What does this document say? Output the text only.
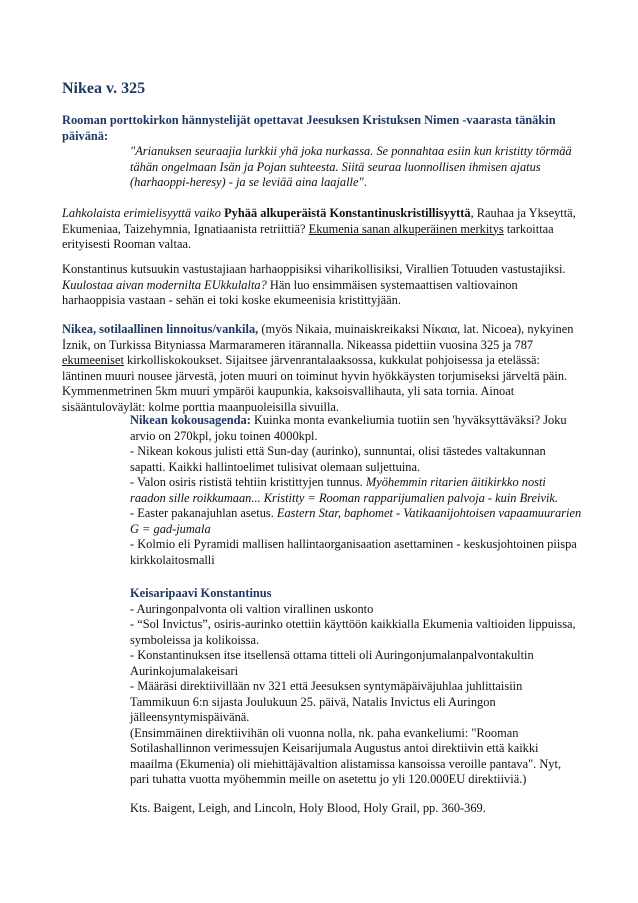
Nikea v. 325

Rooman porttokirkon hännystelijät opettavat Jeesuksen Kristuksen Nimen -vaarasta tänäkin päivänä:

"Arianuksen seuraajia lurkkii yhä joka nurkassa. Se ponnahtaa esiin kun kristitty törmää tähän ongelmaan Isän ja Pojan suhteesta. Siitä seuraa luonnollisen ihmisen ajatus (harhaoppi-heresy) - ja se leviää aina laajalle".

Lahkolaista erimielisyyttä vaiko Pyhää alkuperäistä Konstantinuskristillisyyttä, Rauhaa ja Ykseyttä, Ekumeniaa, Taizehymnia, Ignatiaanista retriittiä? Ekumenia sanan alkuperäinen merkitys tarkoittaa erityisesti Rooman valtaa.

Konstantinus kutsuukin vastustajiaan harhaoppisiksi viharikollisiksi, Virallien Totuuden vastustajiksi. Kuulostaa aivan modernilta EUkkulalta? Hän luo ensimmäisen systemaattisen valtiovainon harhaoppisia vastaan - sehän ei toki koske ekumeenisia kristittyjään.

Nikea, sotilaallinen linnoitus/vankila, (myös Nikaia, muinaiskreikaksi Νίκαια, lat. Nicoea), nykyinen İznik, on Turkissa Bityniassa Marmarameren itärannalla. Nikeassa pidettiin vuosina 325 ja 787 ekumeeniset kirkolliskokoukset. Sijaitsee järvenrantalaaksossa, kukkulat pohjoisessa ja etelässä: läntinen muuri nousee järvestä, joten muuri on toiminut hyvin hyökkäysten torjumiseksi järveltä päin. Kymmenmetrinen 5km muuri ympäröi kaupunkia, kaksoisvallihauta, yli sata tornia. Ainoat sisääntuloväylät: kolme porttia maanpuoleisilla sivuilla.

Nikean kokousagenda: Kuinka monta evankeliumia tuotiin sen 'hyväksyttäväksi? Joku arvio on 270kpl, joku toinen 4000kpl.

- Nikean kokous julisti että Sun-day (aurinko), sunnuntai, olisi tästedes valtakunnan sapatti. Kaikki hallintoelimet tulisivat olemaan suljettuina.

- Valon osiris rististä tehtiin kristittyjen tunnus. Myöhemmin ritarien äitikirkko nosti raadon sille roikkumaan... Kristitty = Rooman rapparijumalien palvoja - kuin Breivik.

- Easter pakanajuhlan asetus. Eastern Star, baphomet - Vatikaanijohtoisen vapaamuurarien G = gad-jumala

- Kolmio eli Pyramidi mallisen hallintaorganisaation asettaminen - keskusjohtoinen piispa kirkkolaitosmalli

Keisaripaavi Konstantinus

- Auringonpalvonta oli valtion virallinen uskonto

- “Sol Invictus”, osiris-aurinko otettiin käyttöön kaikkialla Ekumenia valtioiden lippuissa, symboleissa ja kolikoissa.

- Konstantinuksen itse itsellensä ottama titteli oli Auringonjumalanpalvontakultin Aurinkojumalakeisari

- Määräsi direktiivillään nv 321 että Jeesuksen syntymäpäiväjuhlaa juhlittaisiin Tammikuun 6:n sijasta Joulukuun 25. päivä, Natalis Invictus eli Auringon jälleensyntymispäivänä.

(Ensimmäinen direktiivihän oli vuonna nolla, nk. paha evankeliumi: "Rooman Sotilashallinnon verimessujen Keisarijumala Augustus antoi direktiivin että kaikki maailma (Ekumenia) oli miehittäjävaltion alistamissa kansoissa veroille pantava". Nyt, pari tuhatta vuotta myöhemmin meille on asetettu jo yli 120.000EU direktiiviä.)

Kts. Baigent, Leigh, and Lincoln, Holy Blood, Holy Grail, pp. 360-369.
